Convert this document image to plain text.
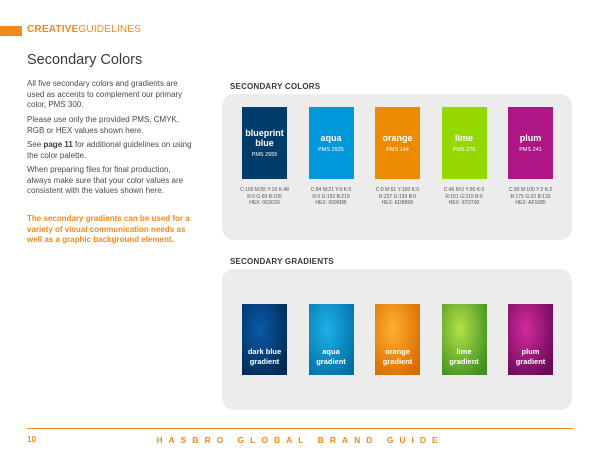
CREATIVEGUIDELINES
Secondary Colors
All five secondary colors and gradients are used as accents to complement our primary color, PMS 300.
Please use only the provided PMS, CMYK, RGB or HEX values shown here.
See page 11 for additional guidelines on using the color palette.
When preparing files for final production, always make sure that your color values are consistent with the values shown here.
The secondary gradients can be used for a variety of visual communication needs as well as a graphic background element.
SECONDARY COLORS
blueprint blue
PMS 2955
C:100 M:55 Y:10 K:48
R:0 G:60 B:105
HEX: 003C69
aqua
PMS 2925
C:84 M:21 Y:0 K:0
R:0 G:152 B:219
HEX: 0098DB
orange
PMS 144
C:0 M:51 Y:100 K:0
R:237 G:139 B:0
HEX: ED8B00
lime
PMS 375
C:46 M:0 Y:90 K:0
R:151 G:215 B:0
HEX: 97D700
plum
PMS 241
C:30 M:100 Y:2 K:2
R:175 G:22 B:133
HEX: AF1685
SECONDARY GRADIENTS
dark blue
gradient
aqua
gradient
orange
gradient
lime
gradient
plum
gradient
10	HASBRO GLOBAL BRAND GUIDE
